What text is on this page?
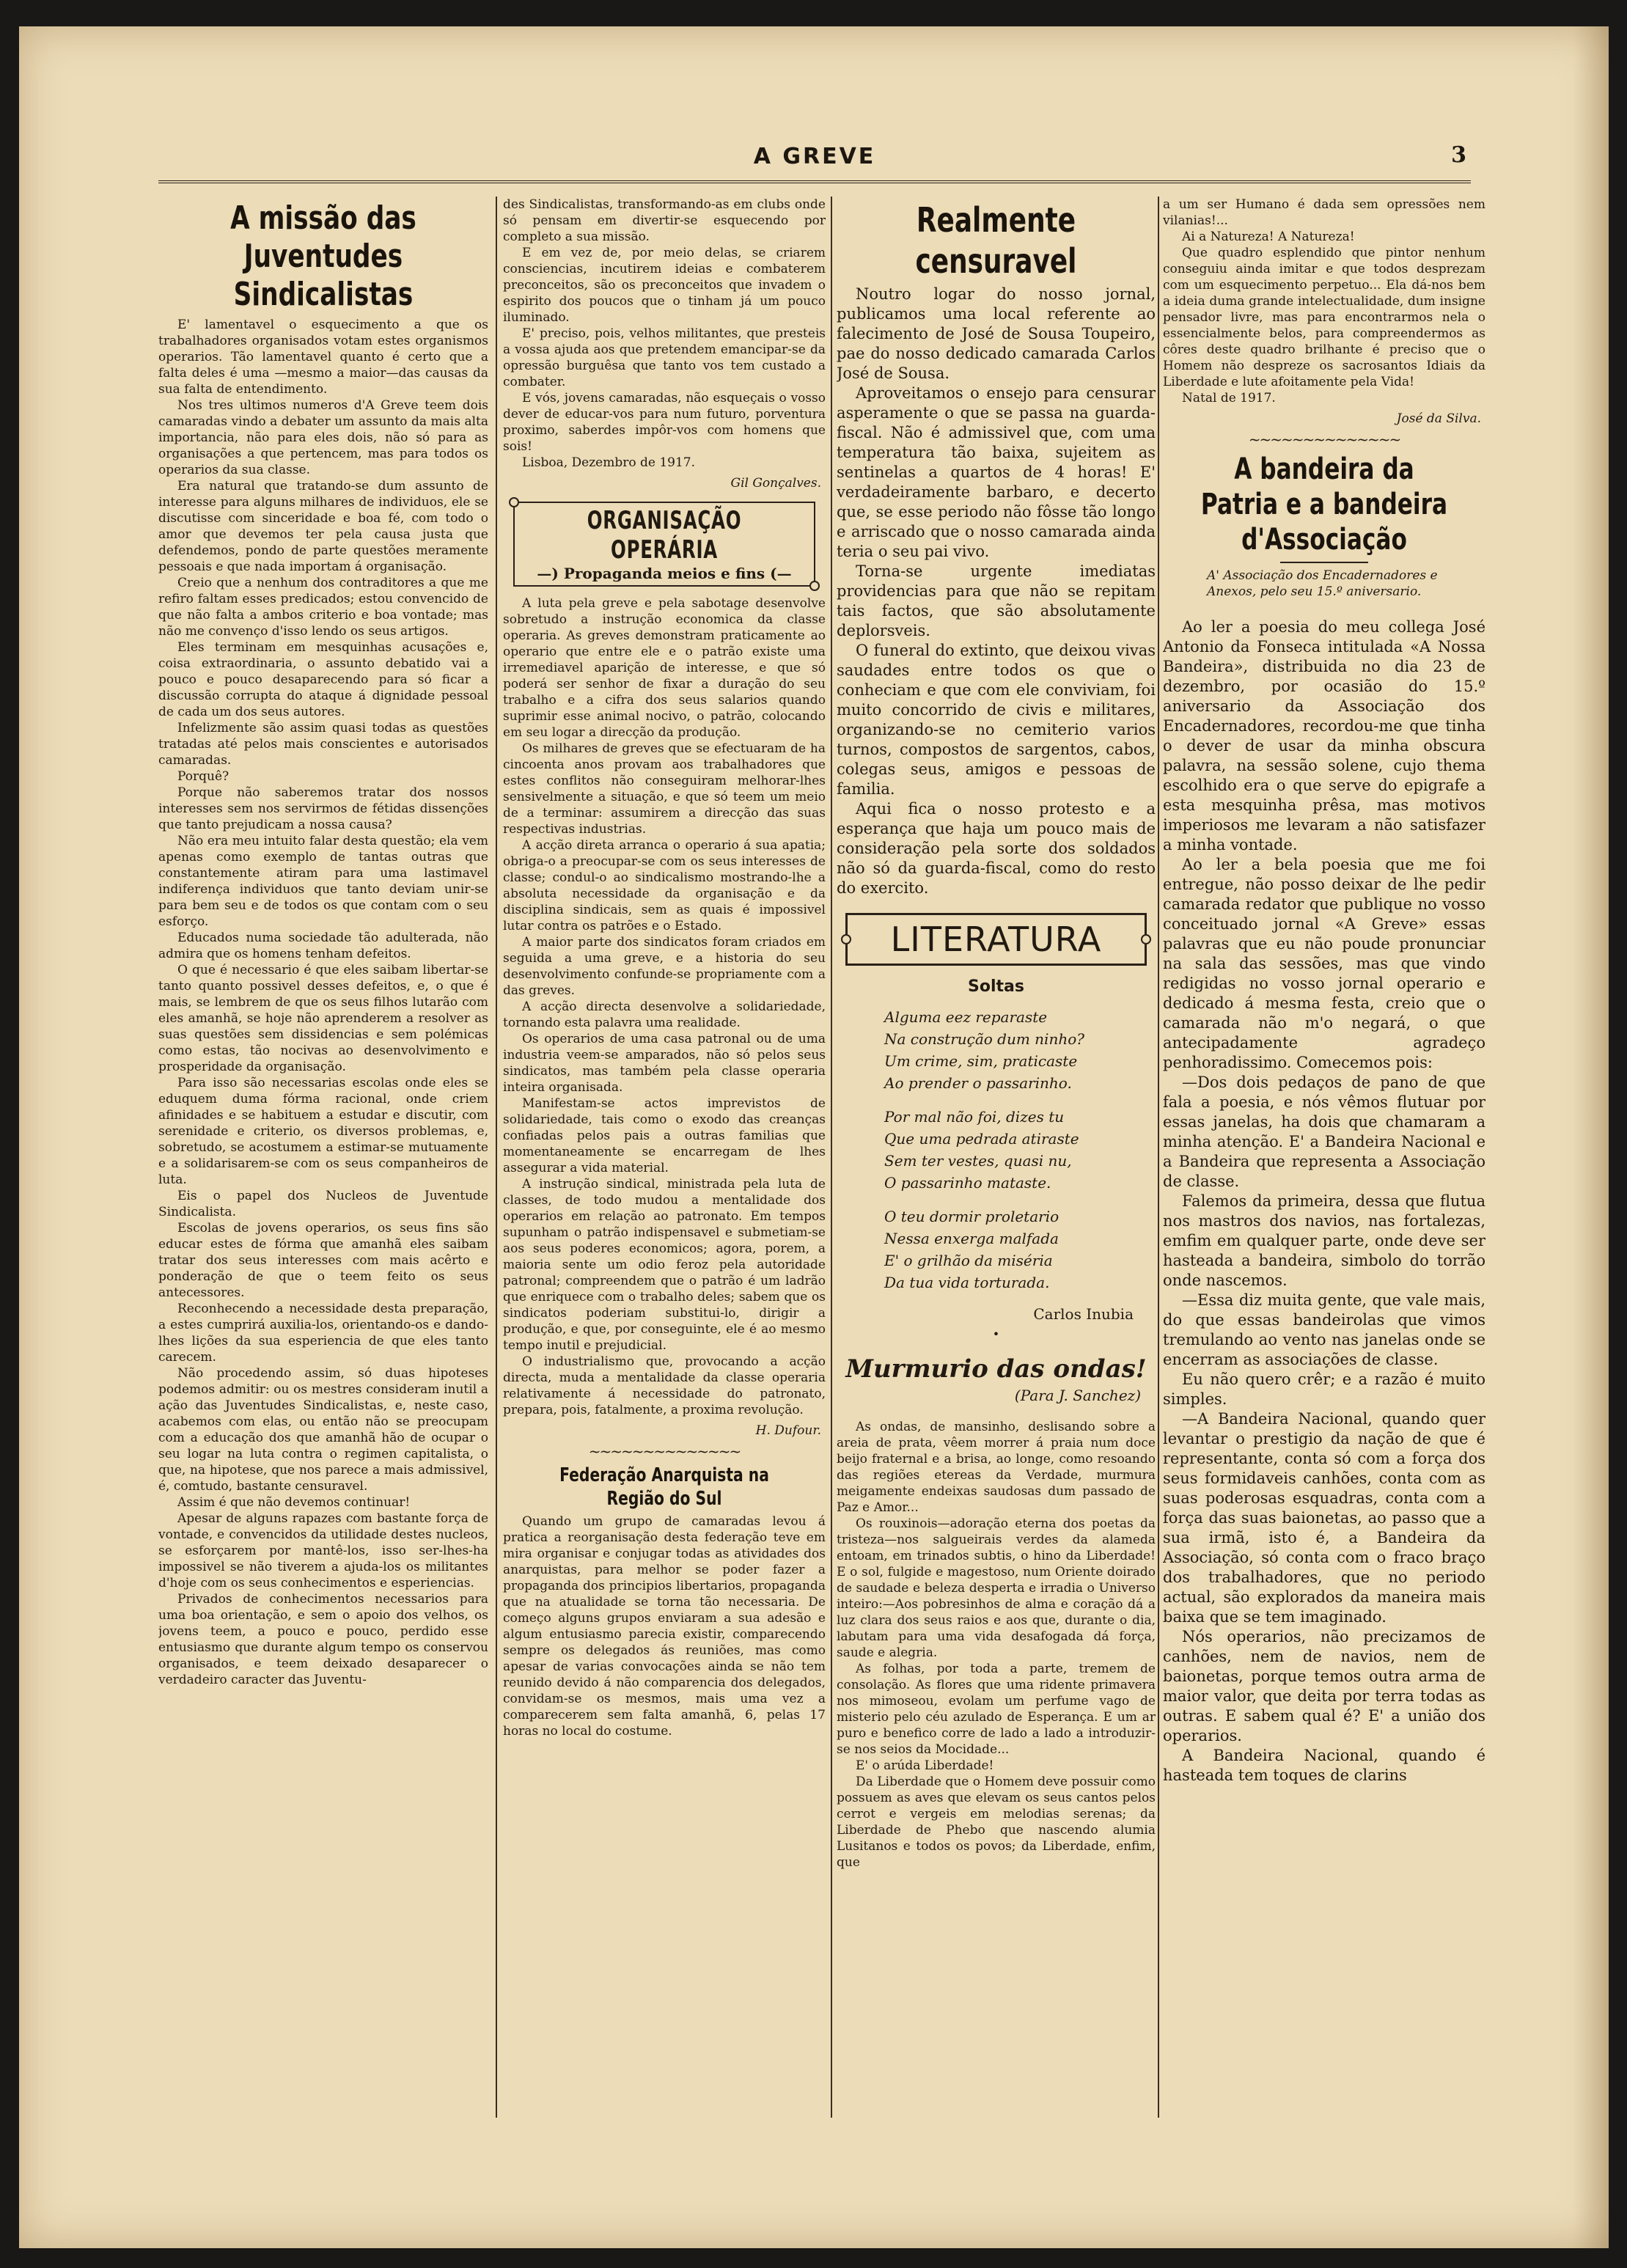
A GREVE	3
A missão das Juventudes Sindicalistas

E' lamentavel o esquecimento a que os trabalhadores organisados votam estes organismos operarios. Tão lamentavel quanto é certo que a falta deles é uma —mesmo a maior—das causas da sua falta de entendimento.

Nos tres ultimos numeros d'A Greve teem dois camaradas vindo a debater um assunto da mais alta importancia, não para eles dois, não só para as organisações a que pertencem, mas para todos os operarios da sua classe.

Era natural que tratando-se dum assunto de interesse para alguns milhares de individuos, ele se discutisse com sinceridade e boa fé, com todo o amor que devemos ter pela causa justa que defendemos, pondo de parte questões meramente pessoais e que nada importam á organisação.

Creio que a nenhum dos contraditores a que me refiro faltam esses predicados; estou convencido de que não falta a ambos criterio e boa vontade; mas não me convenço d'isso lendo os seus artigos.

Eles terminam em mesquinhas acusações e, coisa extraordinaria, o assunto debatido vai a pouco e pouco desaparecendo para só ficar a discussão corrupta do ataque á dignidade pessoal de cada um dos seus autores.

Infelizmente são assim quasi todas as questões tratadas até pelos mais conscientes e autorisados camaradas.

Porquê?

Porque não saberemos tratar dos nossos interesses sem nos servirmos de fétidas dissenções que tanto prejudicam a nossa causa?

Não era meu intuito falar desta questão; ela vem apenas como exemplo de tantas outras que constantemente atiram para uma lastimavel indiferença individuos que tanto deviam unir-se para bem seu e de todos os que contam com o seu esforço.

Educados numa sociedade tão adulterada, não admira que os homens tenham defeitos.

O que é necessario é que eles saibam libertar-se tanto quanto possivel desses defeitos, e, o que é mais, se lembrem de que os seus filhos lutarão com eles amanhã, se hoje não aprenderem a resolver as suas questões sem dissidencias e sem polémicas como estas, tão nocivas ao desenvolvimento e prosperidade da organisação.

Para isso são necessarias escolas onde eles se eduquem duma fórma racional, onde criem afinidades e se habituem a estudar e discutir, com serenidade e criterio, os diversos problemas, e, sobretudo, se acostumem a estimar-se mutuamente e a solidarisarem-se com os seus companheiros de luta.

Eis o papel dos Nucleos de Juventude Sindicalista.

Escolas de jovens operarios, os seus fins são educar estes de fórma que amanhã eles saibam tratar dos seus interesses com mais acêrto e ponderação de que o teem feito os seus antecessores.

Reconhecendo a necessidade desta preparação, a estes cumprirá auxilia-los, orientando-os e dando-lhes lições da sua esperiencia de que eles tanto carecem.

Não procedendo assim, só duas hipoteses podemos admitir: ou os mestres consideram inutil a ação das Juventudes Sindicalistas, e, neste caso, acabemos com elas, ou então não se preocupam com a educação dos que amanhã hão de ocupar o seu logar na luta contra o regimen capitalista, o que, na hipotese, que nos parece a mais admissivel, é, comtudo, bastante censuravel.

Assim é que não devemos continuar!

Apesar de alguns rapazes com bastante força de vontade, e convencidos da utilidade destes nucleos, se esforçarem por mantê-los, isso ser-lhes-ha impossivel se não tiverem a ajuda-los os militantes d'hoje com os seus conhecimentos e esperiencias.

Privados de conhecimentos necessarios para uma boa orientação, e sem o apoio dos velhos, os jovens teem, a pouco e pouco, perdido esse entusiasmo que durante algum tempo os conservou organisados, e teem deixado desaparecer o verdadeiro caracter das Juventu-

des Sindicalistas, transformando-as em clubs onde só pensam em divertir-se esquecendo por completo a sua missão.

E em vez de, por meio delas, se criarem consciencias, incutirem ideias e combaterem preconceitos, são os preconceitos que invadem o espirito dos poucos que o tinham já um pouco iluminado.

E' preciso, pois, velhos militantes, que presteis a vossa ajuda aos que pretendem emancipar-se da opressão burguêsa que tanto vos tem custado a combater.

E vós, jovens camaradas, não esqueçais o vosso dever de educar-vos para num futuro, porventura proximo, saberdes impôr-vos com homens que sois!

Lisboa, Dezembro de 1917.

Gil Gonçalves.
ORGANISAÇÃO OPERÁRIA
—) Propaganda meios e fins (—

A luta pela greve e pela sabotage desenvolve sobretudo a instrução economica da classe operaria. As greves demonstram praticamente ao operario que entre ele e o patrão existe uma irremediavel aparição de interesse, e que só poderá ser senhor de fixar a duração do seu trabalho e a cifra dos seus salarios quando suprimir esse animal nocivo, o patrão, colocando em seu logar a direcção da produção.

Os milhares de greves que se efectuaram de ha cincoenta anos provam aos trabalhadores que estes conflitos não conseguiram melhorar-lhes sensivelmente a situação, e que só teem um meio de a terminar: assumirem a direcção das suas respectivas industrias.

A acção direta arranca o operario á sua apatia; obriga-o a preocupar-se com os seus interesses de classe; condul-o ao sindicalismo mostrando-lhe a absoluta necessidade da organisação e da disciplina sindicais, sem as quais é impossivel lutar contra os patrões e o Estado.

A maior parte dos sindicatos foram criados em seguida a uma greve, e a historia do seu desenvolvimento confunde-se propriamente com a das greves.

A acção directa desenvolve a solidariedade, tornando esta palavra uma realidade.

Os operarios de uma casa patronal ou de uma industria veem-se amparados, não só pelos seus sindicatos, mas também pela classe operaria inteira organisada.

Manifestam-se actos imprevistos de solidariedade, tais como o exodo das creanças confiadas pelos pais a outras familias que momentaneamente se encarregam de lhes assegurar a vida material.

A instrução sindical, ministrada pela luta de classes, de todo mudou a mentalidade dos operarios em relação ao patronato. Em tempos supunham o patrão indispensavel e submetiam-se aos seus poderes economicos; agora, porem, a maioria sente um odio feroz pela autoridade patronal; compreendem que o patrão é um ladrão que enriquece com o trabalho deles; sabem que os sindicatos poderiam substitui-lo, dirigir a produção, e que, por conseguinte, ele é ao mesmo tempo inutil e prejudicial.

O industrialismo que, provocando a acção directa, muda a mentalidade da classe operaria relativamente á necessidade do patronato, prepara, pois, fatalmente, a proxima revolução.

H. Dufour.
~~~~~~~~~~~~~~
Federação Anarquista na Região do Sul

Quando um grupo de camaradas levou á pratica a reorganisação desta federação teve em mira organisar e conjugar todas as atividades dos anarquistas, para melhor se poder fazer a propaganda dos principios libertarios, propaganda que na atualidade se torna tão necessaria. De começo alguns grupos enviaram a sua adesão e algum entusiasmo parecia existir, comparecendo sempre os delegados ás reuniões, mas como apesar de varias convocações ainda se não tem reunido devido á não comparencia dos delegados, convidam-se os mesmos, mais uma vez a comparecerem sem falta amanhã, 6, pelas 17 horas no local do costume.

Realmente censuravel

Noutro logar do nosso jornal, publicamos uma local referente ao falecimento de José de Sousa Toupeiro, pae do nosso dedicado camarada Carlos José de Sousa.

Aproveitamos o ensejo para censurar asperamente o que se passa na guarda-fiscal. Não é admissivel que, com uma temperatura tão baixa, sujeitem as sentinelas a quartos de 4 horas! E' verdadeiramente barbaro, e decerto que, se esse periodo não fôsse tão longo e arriscado que o nosso camarada ainda teria o seu pai vivo.

Torna-se urgente imediatas providencias para que não se repitam tais factos, que são absolutamente deplorsveis.

O funeral do extinto, que deixou vivas saudades entre todos os que o conheciam e que com ele conviviam, foi muito concorrido de civis e militares, organizando-se no cemiterio varios turnos, compostos de sargentos, cabos, colegas seus, amigos e pessoas de familia.

Aqui fica o nosso protesto e a esperança que haja um pouco mais de consideração pela sorte dos soldados não só da guarda-fiscal, como do resto do exercito.

LITERATURA
Soltas
Alguma eez reparaste
Na construção dum ninho?
Um crime, sim, praticaste
Ao prender o passarinho.
Por mal não foi, dizes tu
Que uma pedrada atiraste
Sem ter vestes, quasi nu,
O passarinho mataste.
O teu dormir proletario
Nessa enxerga malfada
E' o grilhão da miséria
Da tua vida torturada.
Carlos Inubia
•
Murmurio das ondas!
(Para J. Sanchez)

As ondas, de mansinho, deslisando sobre a areia de prata, vêem morrer á praia num doce beijo fraternal e a brisa, ao longe, como resoando das regiões etereas da Verdade, murmura meigamente endeixas saudosas dum passado de Paz e Amor...

Os rouxinois—adoração eterna dos poetas da tristeza—nos salgueirais verdes da alameda entoam, em trinados subtis, o hino da Liberdade! E o sol, fulgide e magestoso, num Oriente doirado de saudade e beleza desperta e irradia o Universo inteiro:—Aos pobresinhos de alma e coração dá a luz clara dos seus raios e aos que, durante o dia, labutam para uma vida desafogada dá força, saude e alegria.

As folhas, por toda a parte, tremem de consolação. As flores que uma ridente primavera nos mimoseou, evolam um perfume vago de misterio pelo céu azulado de Esperança. E um ar puro e benefico corre de lado a lado a introduzir-se nos seios da Mocidade...

E' o arúda Liberdade!

Da Liberdade que o Homem deve possuir como possuem as aves que elevam os seus cantos pelos cerrot e vergeis em melodias serenas; da Liberdade de Phebo que nascendo alumia Lusitanos e todos os povos; da Liberdade, enfim, que

a um ser Humano é dada sem opressões nem vilanias!...

Ai a Natureza! A Natureza!

Que quadro esplendido que pintor nenhum conseguiu ainda imitar e que todos desprezam com um esquecimento perpetuo... Ela dá-nos bem a ideia duma grande intelectualidade, dum insigne pensador livre, mas para encontrarmos nela o essencialmente belos, para compreendermos as côres deste quadro brilhante é preciso que o Homem não despreze os sacrosantos Idiais da Liberdade e lute afoitamente pela Vida!

Natal de 1917.

José da Silva.
~~~~~~~~~~~~~~
A bandeira da Patria e a bandeira d'Associação
A' Associação dos Encadernadores e Anexos, pelo seu 15.º aniversario.

Ao ler a poesia do meu collega José Antonio da Fonseca intitulada «A Nossa Bandeira», distribuida no dia 23 de dezembro, por ocasião do 15.º aniversario da Associação dos Encadernadores, recordou-me que tinha o dever de usar da minha obscura palavra, na sessão solene, cujo thema escolhido era o que serve do epigrafe a esta mesquinha prêsa, mas motivos imperiosos me levaram a não satisfazer a minha vontade.

Ao ler a bela poesia que me foi entregue, não posso deixar de lhe pedir camarada redator que publique no vosso conceituado jornal «A Greve» essas palavras que eu não poude pronunciar na sala das sessões, mas que vindo redigidas no vosso jornal operario e dedicado á mesma festa, creio que o camarada não m'o negará, o que antecipadamente agradeço penhoradissimo. Comecemos pois:

—Dos dois pedaços de pano de que fala a poesia, e nós vêmos flutuar por essas janelas, ha dois que chamaram a minha atenção. E' a Bandeira Nacional e a Bandeira que representa a Associação de classe.

Falemos da primeira, dessa que flutua nos mastros dos navios, nas fortalezas, emfim em qualquer parte, onde deve ser hasteada a bandeira, simbolo do torrão onde nascemos.

—Essa diz muita gente, que vale mais, do que essas bandeirolas que vimos tremulando ao vento nas janelas onde se encerram as associações de classe.

Eu não quero crêr; e a razão é muito simples.

—A Bandeira Nacional, quando quer levantar o prestigio da nação de que é representante, conta só com a força dos seus formidaveis canhões, conta com as suas poderosas esquadras, conta com a força das suas baionetas, ao passo que a sua irmã, isto é, a Bandeira da Associação, só conta com o fraco braço dos trabalhadores, que no periodo actual, são explorados da maneira mais baixa que se tem imaginado.

Nós operarios, não precizamos de canhões, nem de navios, nem de baionetas, porque temos outra arma de maior valor, que deita por terra todas as outras. E sabem qual é? E' a união dos operarios.

A Bandeira Nacional, quando é hasteada tem toques de clarins
